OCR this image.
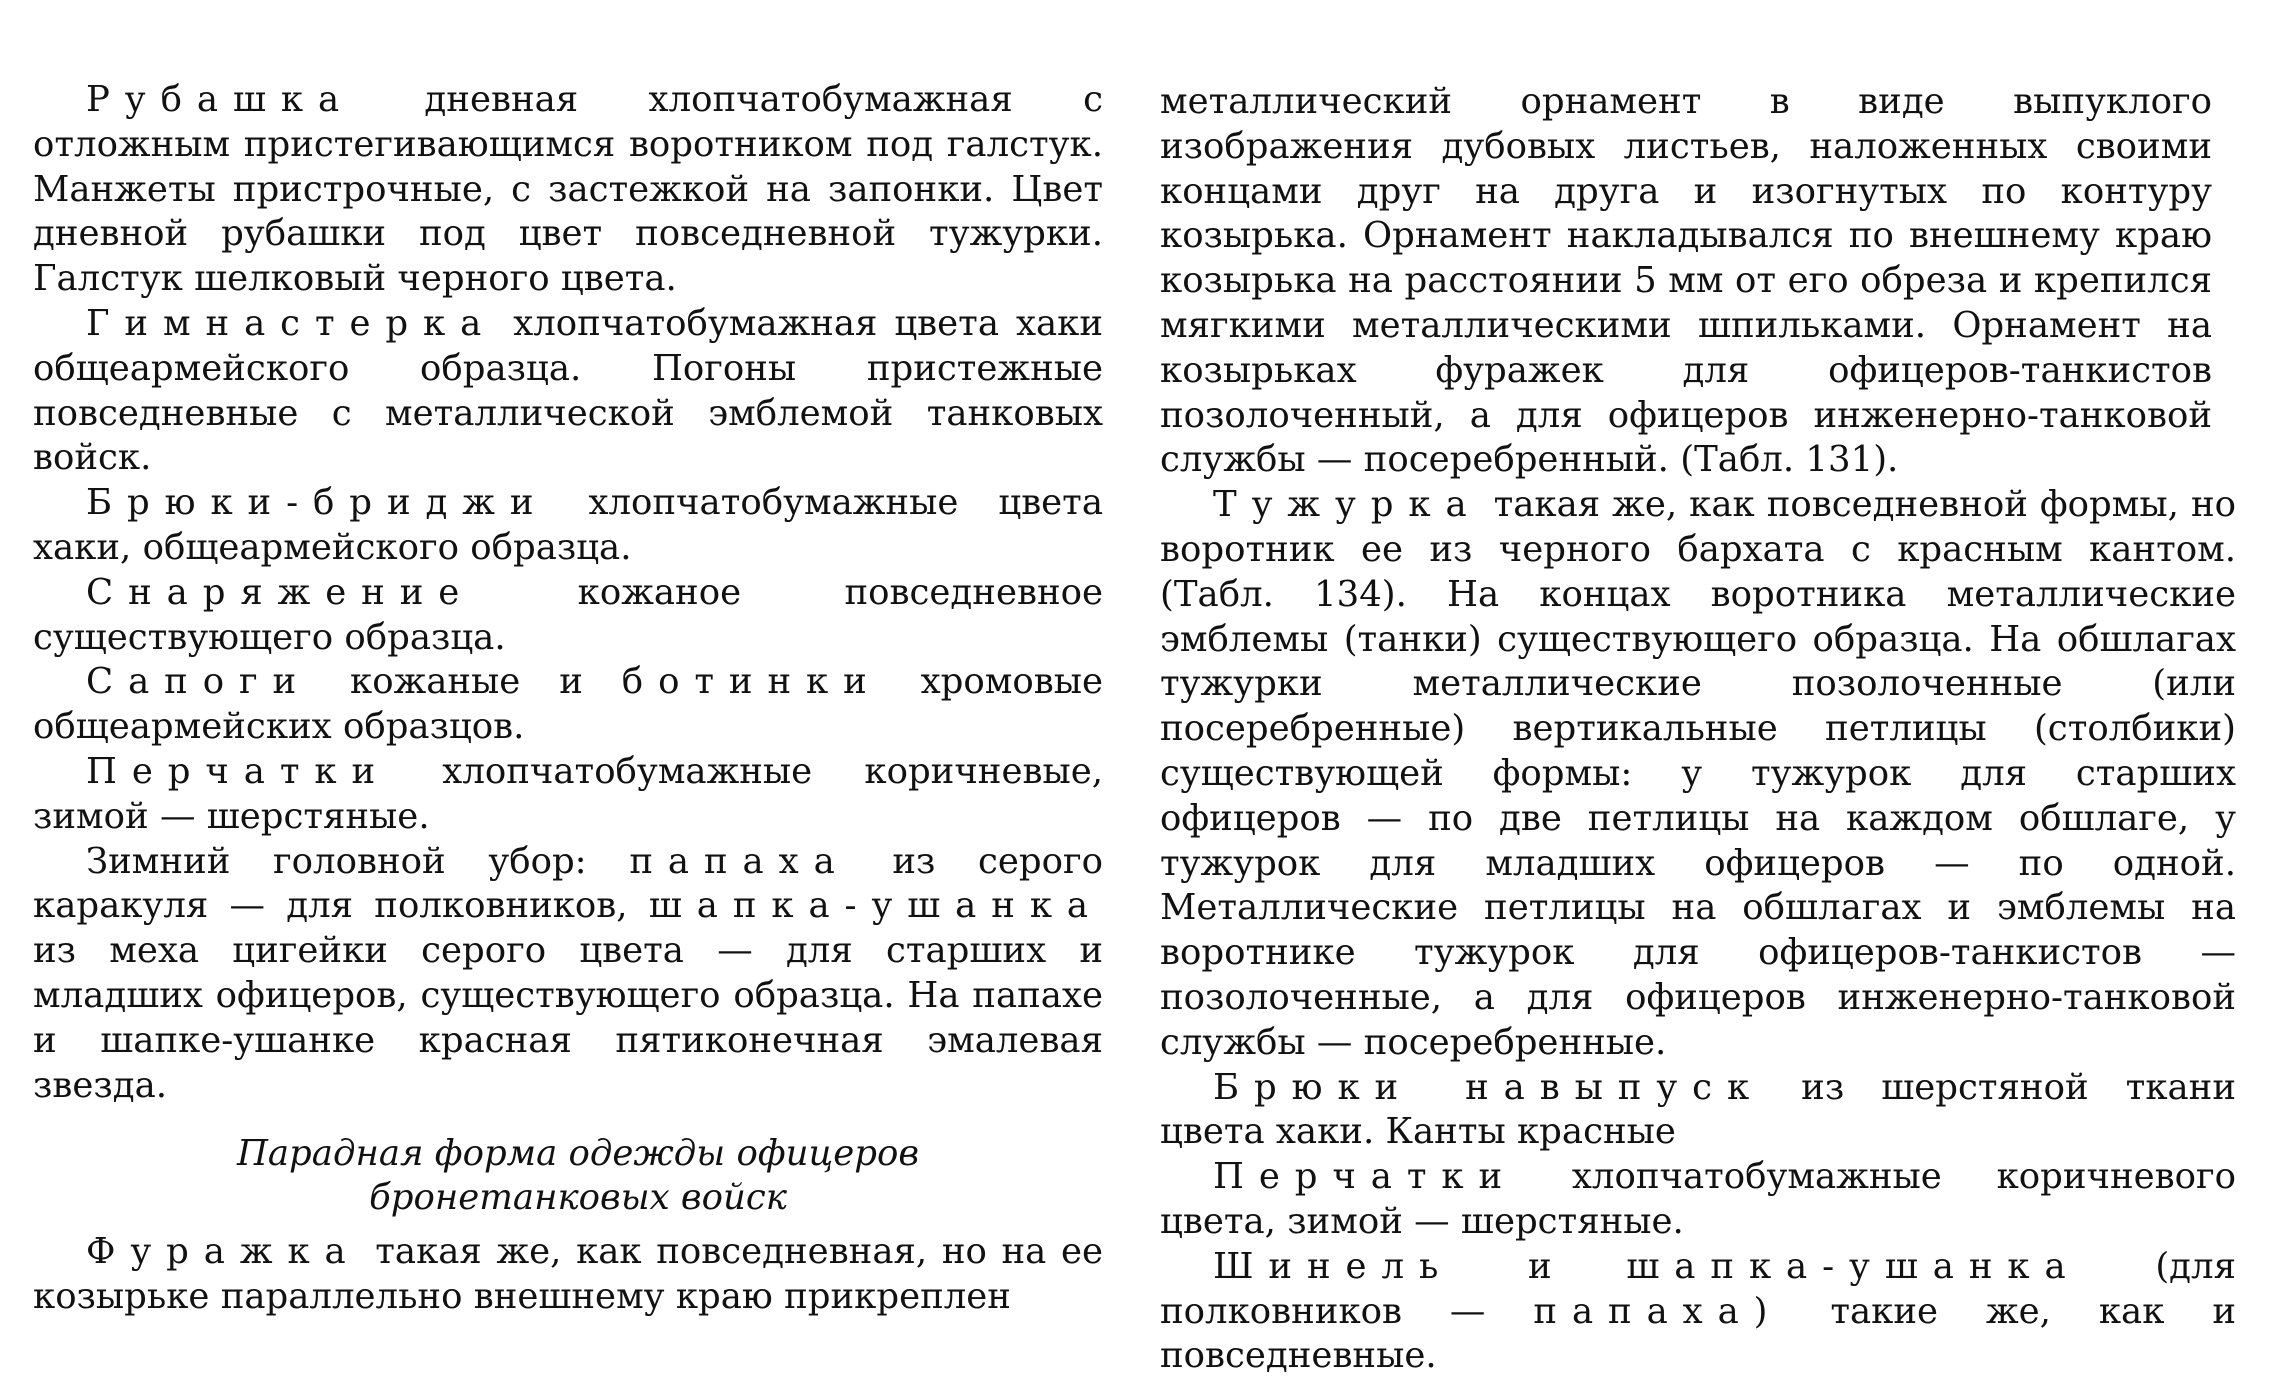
Рубашка дневная хлопчатобумажная с отложным пристегивающимся воротником под галстук. Манжеты пристрочные, с застежкой на запонки. Цвет дневной рубашки под цвет повседневной тужурки. Галстук шелковый черного цвета.

Гимнастерка хлопчатобумажная цвета хаки общеармейского образца. Погоны пристежные повседневные с металлической эмблемой танковых войск.

Брюки-бриджи хлопчатобумажные цвета хаки, общеармейского образца.

Снаряжение кожаное повседневное существующего образца.

Сапоги кожаные и ботинки хромовые общеармейских образцов.

Перчатки хлопчатобумажные коричневые, зимой — шерстяные.

Зимний головной убор: папаха из серого каракуля — для полковников, шапка-ушанка из меха цигейки серого цвета — для старших и младших офицеров, существующего образца. На папахе и шапке-ушанке красная пятиконечная эмалевая звезда.

Парадная форма одежды офицеров
бронетанковых войск

Фуражка такая же, как повседневная, но на ее козырьке параллельно внешнему краю прикреплен

металлический орнамент в виде выпуклого изображения дубовых листьев, наложенных своими концами друг на друга и изогнутых по контуру козырька. Орнамент накладывался по внешнему краю козырька на расстоянии 5 мм от его обреза и крепился мягкими металлическими шпильками. Орнамент на козырьках фуражек для офицеров-танкистов позолоченный, а для офицеров инженерно-танковой службы — посеребренный. (Табл. 131).

Тужурка такая же, как повседневной формы, но воротник ее из черного бархата с красным кантом. (Табл. 134). На концах воротника металлические эмблемы (танки) существующего образца. На обшлагах тужурки металлические позолоченные (или посеребренные) вертикальные петлицы (столбики) существующей формы: у тужурок для старших офицеров — по две петлицы на каждом обшлаге, у тужурок для младших офицеров — по одной. Металлические петлицы на обшлагах и эмблемы на воротнике тужурок для офицеров-танкистов — позолоченные, а для офицеров инженерно-танковой службы — посеребренные.

Брюки навыпуск из шерстяной ткани цвета хаки. Канты красные

Перчатки хлопчатобумажные коричневого цвета, зимой — шерстяные.

Шинель и шапка-ушанка (для полковников — папаха) такие же, как и повседневные.
